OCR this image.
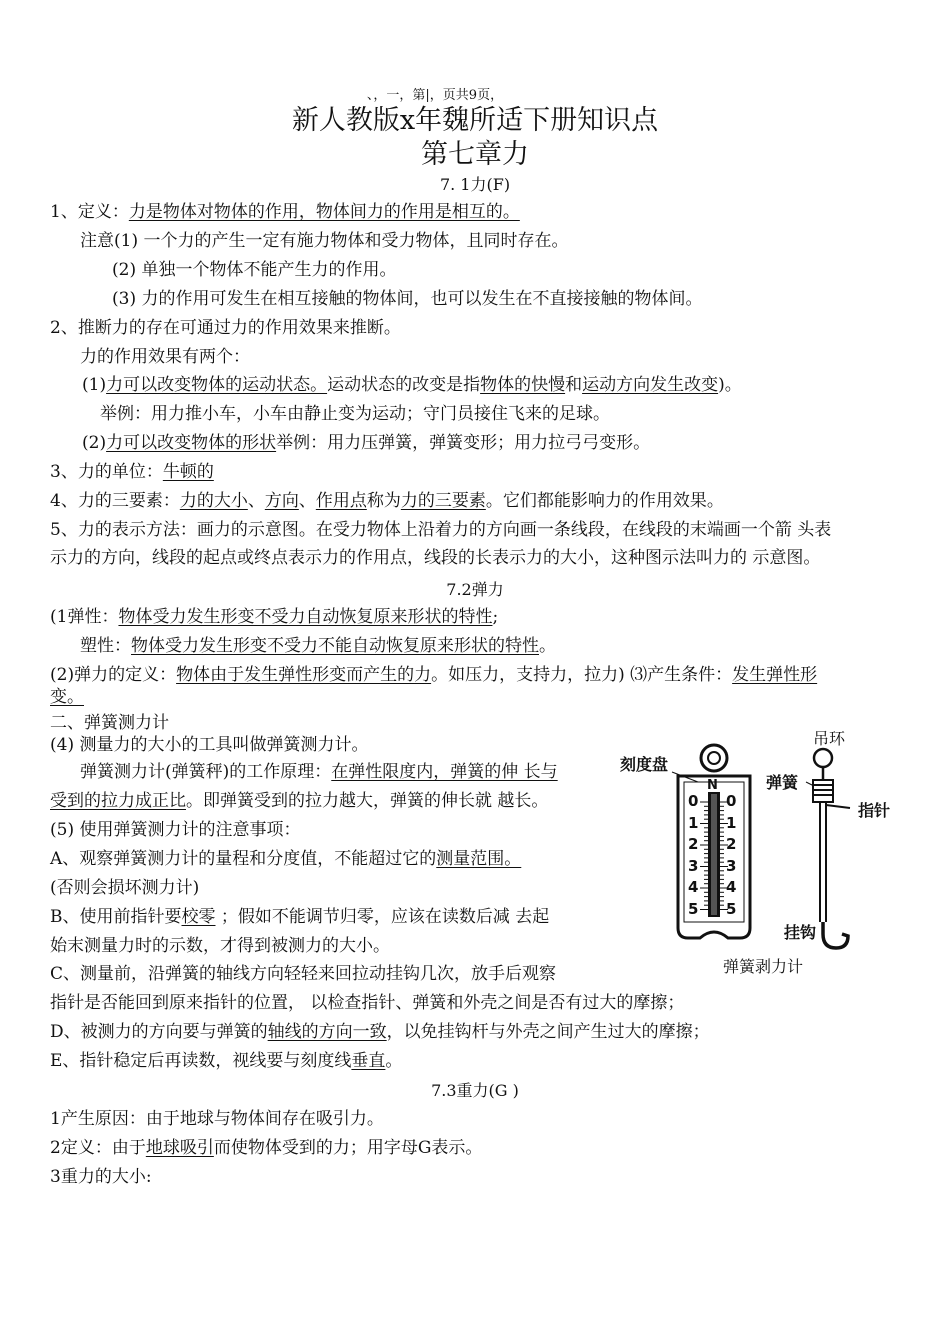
、，一，第|，页共9页，
新人教版x年魏所适下册知识点
第七章力
7. 1力(F)
1、定义：力是物体对物体的作用，物体间力的作用是相互的。
注意(1) 一个力的产生一定有施力物体和受力物体，且同时存在。
(2) 单独一个物体不能产生力的作用。
(3) 力的作用可发生在相互接触的物体间，也可以发生在不直接接触的物体间。
2、推断力的存在可通过力的作用效果来推断。
力的作用效果有两个：
(1)力可以改变物体的运动状态。运动状态的改变是指物体的快慢和运动方向发生改变)。
举例：用力推小车，小车由静止变为运动；守门员接住飞来的足球。
(2)力可以改变物体的形状举例：用力压弹簧，弹簧变形；用力拉弓弓变形。
3、力的单位：牛顿的
4、力的三要素：力的大小、方向、作用点称为力的三要素。它们都能影响力的作用效果。
5、力的表示方法：画力的示意图。在受力物体上沿着力的方向画一条线段，在线段的末端画一个箭 头表
示力的方向，线段的起点或终点表示力的作用点，线段的长表示力的大小，这种图示法叫力的 示意图。
7.2弹力
(1弹性：物体受力发生形变不受力自动恢复原来形状的特性;
塑性：物体受力发生形变不受力不能自动恢复原来形状的特性。
(2)弹力的定义：物体由于发生弹性形变而产生的力。如压力，支持力，拉力) ⑶产生条件：发生弹性形
变。
二、弹簧测力计
(4) 测量力的大小的工具叫做弹簧测力计。
弹簧测力计(弹簧秤)的工作原理：在弹性限度内，弹簧的伸 长与
受到的拉力成正比。即弹簧受到的拉力越大，弹簧的伸长就 越长。
(5) 使用弹簧测力计的注意事项：
A、观察弹簧测力计的量程和分度值，不能超过它的测量范围。
(否则会损坏测力计)
B、使用前指针要校零 ；假如不能调节归零，应该在读数后减 去起
始末测量力时的示数，才得到被测力的大小。
C、测量前，沿弹簧的轴线方向轻轻来回拉动挂钩几次，放手后观察
指针是否能回到原来指针的位置， 以检查指针、弹簧和外壳之间是否有过大的摩擦；
D、被测力的方向要与弹簧的轴线的方向一致，以免挂钩杆与外壳之间产生过大的摩擦；
E、指针稳定后再读数，视线要与刻度线垂直。
刻度盘
吊环
弹簧
指针
挂钩
弹簧剥力计
N
0
1
2
3
4
5
0
1
2
3
4
5
7.3重力(G )
1产生原因：由于地球与物体间存在吸引力。
2定义：由于地球吸引而使物体受到的力；用字母G表示。
3重力的大小:
